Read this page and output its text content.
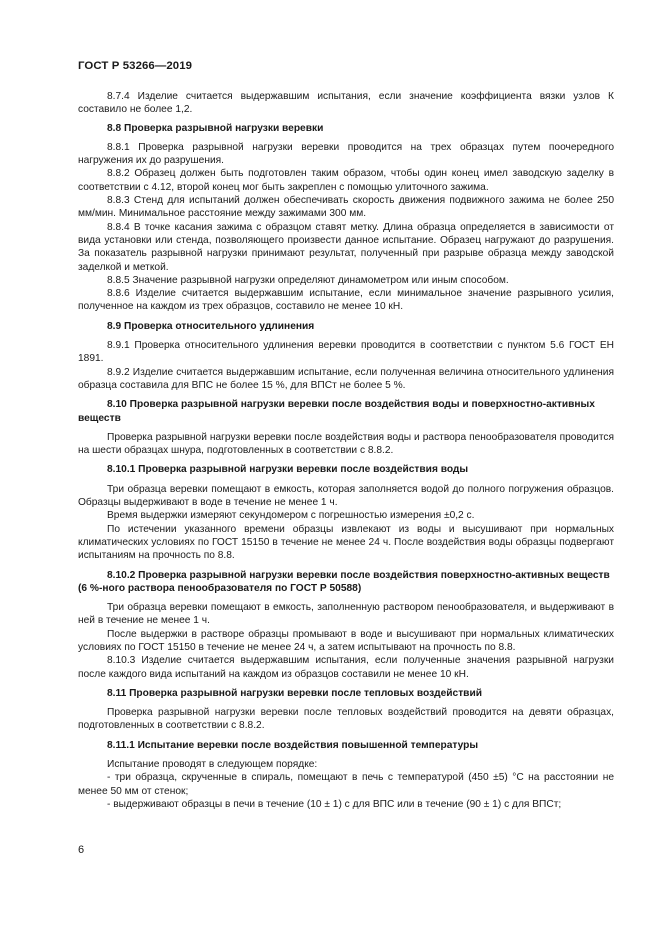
ГОСТ Р 53266—2019

8.7.4 Изделие считается выдержавшим испытания, если значение коэффициента вязки узлов К составило не более 1,2.

8.8 Проверка разрывной нагрузки веревки

8.8.1 Проверка разрывной нагрузки веревки проводится на трех образцах путем поочередного нагружения их до разрушения.

8.8.2 Образец должен быть подготовлен таким образом, чтобы один конец имел заводскую заделку в соответствии с 4.12, второй конец мог быть закреплен с помощью улиточного зажима.

8.8.3 Стенд для испытаний должен обеспечивать скорость движения подвижного зажима не более 250 мм/мин. Минимальное расстояние между зажимами 300 мм.

8.8.4 В точке касания зажима с образцом ставят метку. Длина образца определяется в зависимости от вида установки или стенда, позволяющего произвести данное испытание. Образец нагружают до разрушения. За показатель разрывной нагрузки принимают результат, полученный при разрыве образца между заводской заделкой и меткой.

8.8.5 Значение разрывной нагрузки определяют динамометром или иным способом.

8.8.6 Изделие считается выдержавшим испытание, если минимальное значение разрывного усилия, полученное на каждом из трех образцов, составило не менее 10 кН.

8.9 Проверка относительного удлинения

8.9.1 Проверка относительного удлинения веревки проводится в соответствии с пунктом 5.6 ГОСТ ЕН 1891.

8.9.2 Изделие считается выдержавшим испытание, если полученная величина относительного удлинения образца составила для ВПС не более 15 %, для ВПСт не более 5 %.

8.10 Проверка разрывной нагрузки веревки после воздействия воды и поверхностно-активных веществ

Проверка разрывной нагрузки веревки после воздействия воды и раствора пенообразователя проводится на шести образцах шнура, подготовленных в соответствии с 8.8.2.

8.10.1 Проверка разрывной нагрузки веревки после воздействия воды

Три образца веревки помещают в емкость, которая заполняется водой до полного погружения образцов. Образцы выдерживают в воде в течение не менее 1 ч.

Время выдержки измеряют секундомером с погрешностью измерения ±0,2 с.

По истечении указанного времени образцы извлекают из воды и высушивают при нормальных климатических условиях по ГОСТ 15150 в течение не менее 24 ч. После воздействия воды образцы подвергают испытаниям на прочность по 8.8.

8.10.2 Проверка разрывной нагрузки веревки после воздействия поверхностно-активных веществ (6 %-ного раствора пенообразователя по ГОСТ Р 50588)

Три образца веревки помещают в емкость, заполненную раствором пенообразователя, и выдерживают в ней в течение не менее 1 ч.

После выдержки в растворе образцы промывают в воде и высушивают при нормальных климатических условиях по ГОСТ 15150 в течение не менее 24 ч, а затем испытывают на прочность по 8.8.

8.10.3 Изделие считается выдержавшим испытания, если полученные значения разрывной нагрузки после каждого вида испытаний на каждом из образцов составили не менее 10 кН.

8.11 Проверка разрывной нагрузки веревки после тепловых воздействий

Проверка разрывной нагрузки веревки после тепловых воздействий проводится на девяти образцах, подготовленных в соответствии с 8.8.2.

8.11.1 Испытание веревки после воздействия повышенной температуры

Испытание проводят в следующем порядке:

- три образца, скрученные в спираль, помещают в печь с температурой (450 ±5) °С на расстоянии не менее 50 мм от стенок;

- выдерживают образцы в печи в течение (10 ± 1) с для ВПС или в течение (90 ± 1) с для ВПСт;

6
